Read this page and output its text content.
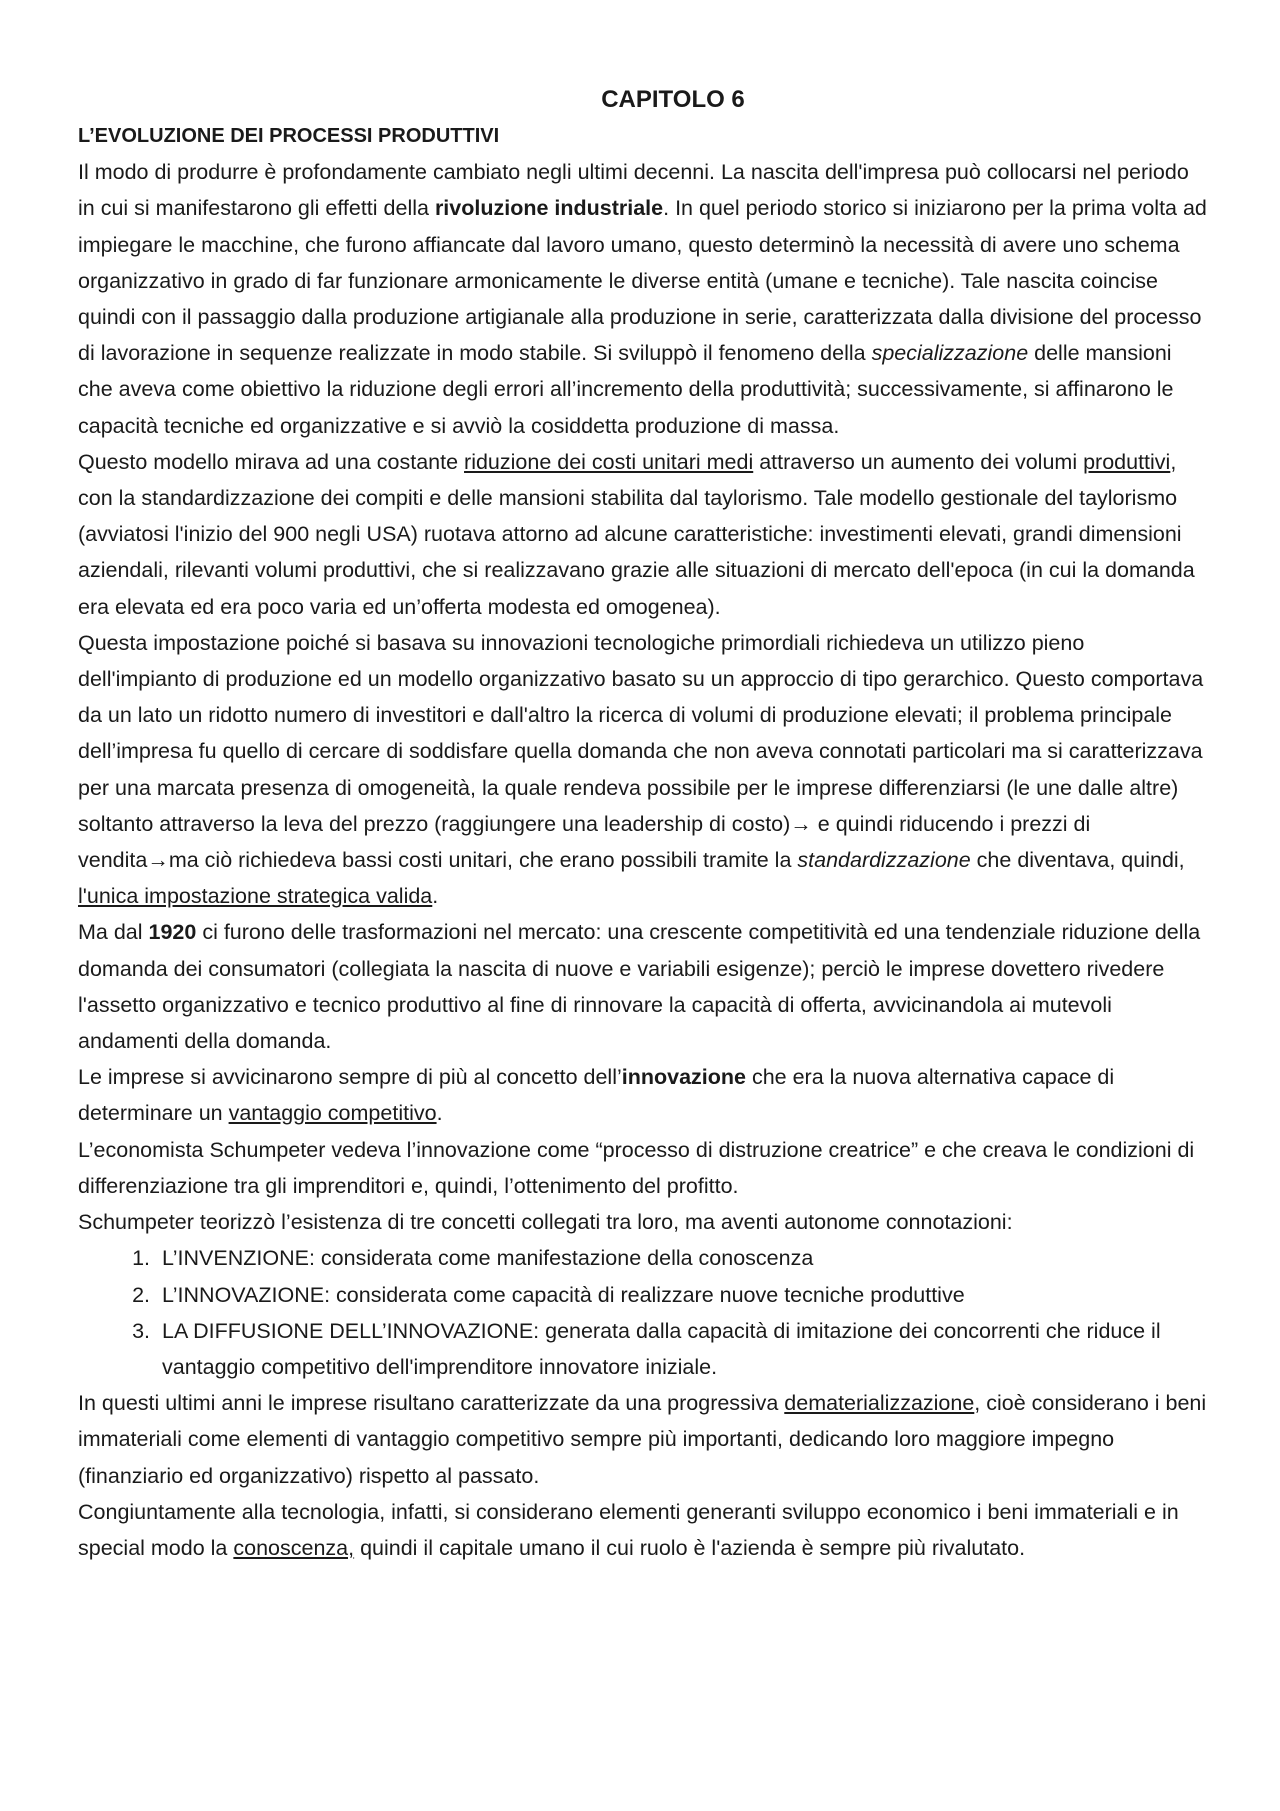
CAPITOLO 6
L’EVOLUZIONE DEI PROCESSI PRODUTTIVI

Il modo di produrre è profondamente cambiato negli ultimi decenni. La nascita dell'impresa può collocarsi nel periodo in cui si manifestarono gli effetti della rivoluzione industriale. In quel periodo storico si iniziarono per la prima volta ad impiegare le macchine, che furono affiancate dal lavoro umano, questo determinò la necessità di avere uno schema organizzativo in grado di far funzionare armonicamente le diverse entità (umane e tecniche). Tale nascita coincise quindi con il passaggio dalla produzione artigianale alla produzione in serie, caratterizzata dalla divisione del processo di lavorazione in sequenze realizzate in modo stabile. Si sviluppò il fenomeno della specializzazione delle mansioni che aveva come obiettivo la riduzione degli errori all’incremento della produttività; successivamente, si affinarono le capacità tecniche ed organizzative e si avviò la cosiddetta produzione di massa.

Questo modello mirava ad una costante riduzione dei costi unitari medi attraverso un aumento dei volumi produttivi, con la standardizzazione dei compiti e delle mansioni stabilita dal taylorismo. Tale modello gestionale del taylorismo (avviatosi l'inizio del 900 negli USA) ruotava attorno ad alcune caratteristiche: investimenti elevati, grandi dimensioni aziendali, rilevanti volumi produttivi, che si realizzavano grazie alle situazioni di mercato dell'epoca (in cui la domanda era elevata ed era poco varia ed un’offerta modesta ed omogenea).

Questa impostazione poiché si basava su innovazioni tecnologiche primordiali richiedeva un utilizzo pieno dell'impianto di produzione ed un modello organizzativo basato su un approccio di tipo gerarchico. Questo comportava da un lato un ridotto numero di investitori e dall'altro la ricerca di volumi di produzione elevati; il problema principale dell’impresa fu quello di cercare di soddisfare quella domanda che non aveva connotati particolari ma si caratterizzava per una marcata presenza di omogeneità, la quale rendeva possibile per le imprese differenziarsi (le une dalle altre) soltanto attraverso la leva del prezzo (raggiungere una leadership di costo)→ e quindi riducendo i prezzi di vendita→ma ciò richiedeva bassi costi unitari, che erano possibili tramite la standardizzazione che diventava, quindi, l'unica impostazione strategica valida.

Ma dal 1920 ci furono delle trasformazioni nel mercato: una crescente competitività ed una tendenziale riduzione della domanda dei consumatori (collegiata la nascita di nuove e variabili esigenze); perciò le imprese dovettero rivedere l'assetto organizzativo e tecnico produttivo al fine di rinnovare la capacità di offerta, avvicinandola ai mutevoli andamenti della domanda.

Le imprese si avvicinarono sempre di più al concetto dell’innovazione che era la nuova alternativa capace di determinare un vantaggio competitivo.

L’economista Schumpeter vedeva l’innovazione come “processo di distruzione creatrice” e che creava le condizioni di differenziazione tra gli imprenditori e, quindi, l’ottenimento del profitto.

Schumpeter teorizzò l’esistenza di tre concetti collegati tra loro, ma aventi autonome connotazioni:

1. L’INVENZIONE: considerata come manifestazione della conoscenza
2. L’INNOVAZIONE: considerata come capacità di realizzare nuove tecniche produttive
3. LA DIFFUSIONE DELL’INNOVAZIONE: generata dalla capacità di imitazione dei concorrenti che riduce il vantaggio competitivo dell'imprenditore innovatore iniziale.

In questi ultimi anni le imprese risultano caratterizzate da una progressiva dematerializzazione, cioè considerano i beni immateriali come elementi di vantaggio competitivo sempre più importanti, dedicando loro maggiore impegno (finanziario ed organizzativo) rispetto al passato.

Congiuntamente alla tecnologia, infatti, si considerano elementi generanti sviluppo economico i beni immateriali e in special modo la conoscenza, quindi il capitale umano il cui ruolo è l'azienda è sempre più rivalutato.
